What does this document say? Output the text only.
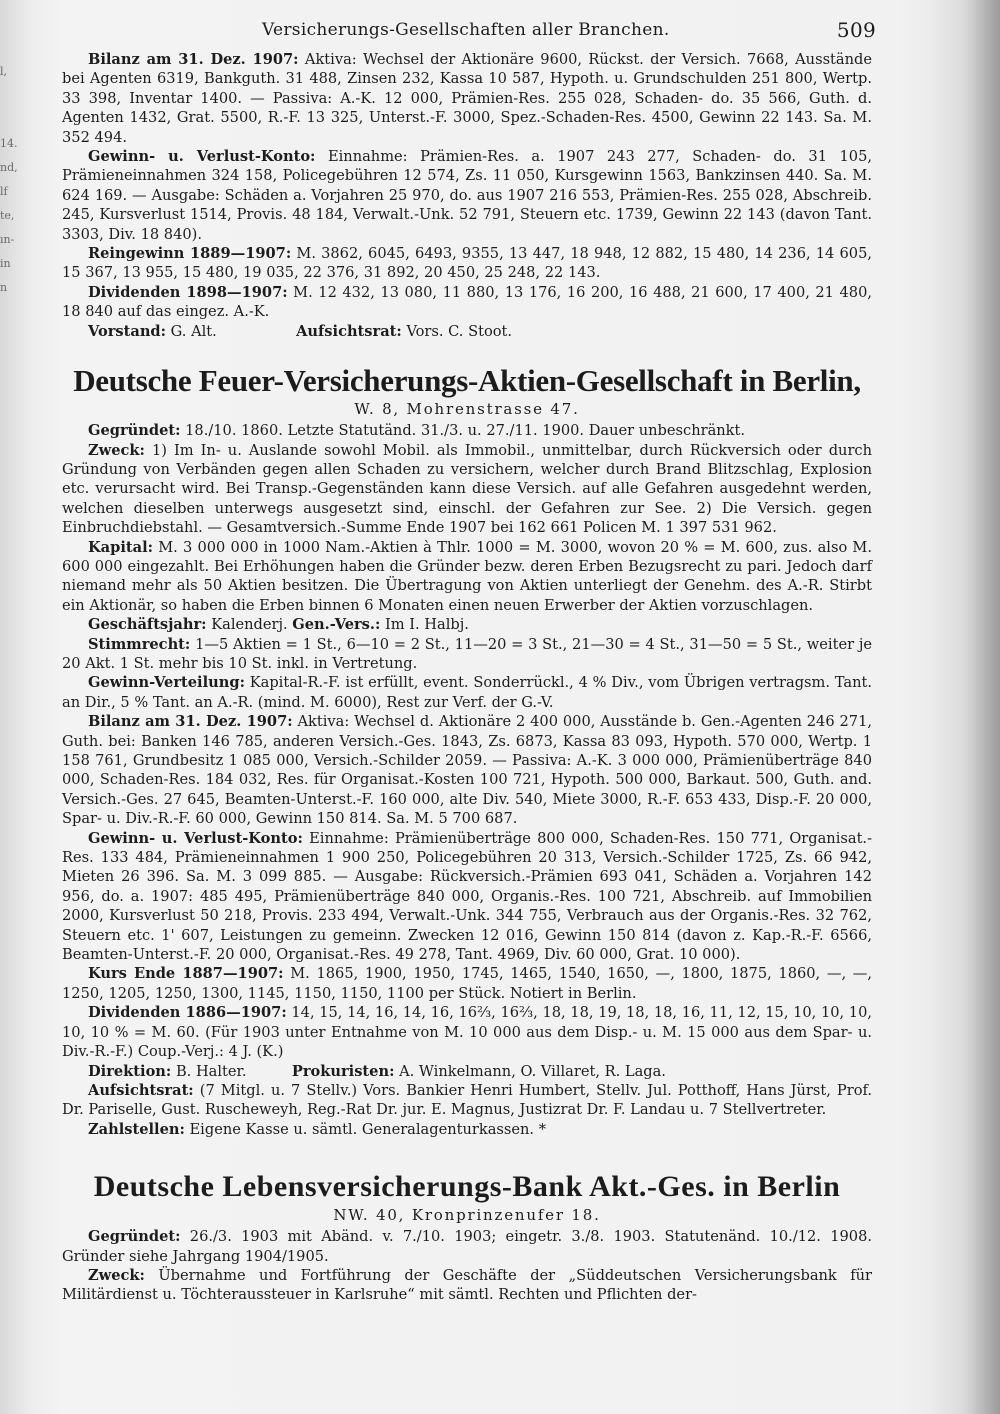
l,
14.
nd,
lf
te,
ın-
in
n
Versicherungs-Gesellschaften aller Branchen.	509

Bilanz am 31. Dez. 1907: Aktiva: Wechsel der Aktionäre 9600, Rückst. der Versich. 7668, Ausstände bei Agenten 6319, Bankguth. 31 488, Zinsen 232, Kassa 10 587, Hypoth. u. Grundschulden 251 800, Wertp. 33 398, Inventar 1400. — Passiva: A.-K. 12 000, Prämien-Res. 255 028, Schaden- do. 35 566, Guth. d. Agenten 1432, Grat. 5500, R.-F. 13 325, Unterst.-F. 3000, Spez.-Schaden-Res. 4500, Gewinn 22 143. Sa. M. 352 494.

Gewinn- u. Verlust-Konto: Einnahme: Prämien-Res. a. 1907 243 277, Schaden- do. 31 105, Prämieneinnahmen 324 158, Policegebühren 12 574, Zs. 11 050, Kursgewinn 1563, Bankzinsen 440. Sa. M. 624 169. — Ausgabe: Schäden a. Vorjahren 25 970, do. aus 1907 216 553, Prämien-Res. 255 028, Abschreib. 245, Kursverlust 1514, Provis. 48 184, Verwalt.-Unk. 52 791, Steuern etc. 1739, Gewinn 22 143 (davon Tant. 3303, Div. 18 840).

Reingewinn 1889—1907: M. 3862, 6045, 6493, 9355, 13 447, 18 948, 12 882, 15 480, 14 236, 14 605, 15 367, 13 955, 15 480, 19 035, 22 376, 31 892, 20 450, 25 248, 22 143.

Dividenden 1898—1907: M. 12 432, 13 080, 11 880, 13 176, 16 200, 16 488, 21 600, 17 400, 21 480, 18 840 auf das eingez. A.-K.

Vorstand: G. Alt.	Aufsichtsrat: Vors. C. Stoot.

Deutsche Feuer-Versicherungs-Aktien-Gesellschaft in Berlin,
W. 8, Mohrenstrasse 47.

Gegründet: 18./10. 1860. Letzte Statutänd. 31./3. u. 27./11. 1900. Dauer unbeschränkt.

Zweck: 1) Im In- u. Auslande sowohl Mobil. als Immobil., unmittelbar, durch Rückversich oder durch Gründung von Verbänden gegen allen Schaden zu versichern, welcher durch Brand Blitzschlag, Explosion etc. verursacht wird. Bei Transp.-Gegenständen kann diese Versich. auf alle Gefahren ausgedehnt werden, welchen dieselben unterwegs ausgesetzt sind, einschl. der Gefahren zur See. 2) Die Versich. gegen Einbruchdiebstahl. — Gesamtversich.-Summe Ende 1907 bei 162 661 Policen M. 1 397 531 962.

Kapital: M. 3 000 000 in 1000 Nam.-Aktien à Thlr. 1000 = M. 3000, wovon 20 % = M. 600, zus. also M. 600 000 eingezahlt. Bei Erhöhungen haben die Gründer bezw. deren Erben Bezugsrecht zu pari. Jedoch darf niemand mehr als 50 Aktien besitzen. Die Übertragung von Aktien unterliegt der Genehm. des A.-R. Stirbt ein Aktionär, so haben die Erben binnen 6 Monaten einen neuen Erwerber der Aktien vorzuschlagen.

Geschäftsjahr: Kalenderj. Gen.-Vers.: Im I. Halbj.

Stimmrecht: 1—5 Aktien = 1 St., 6—10 = 2 St., 11—20 = 3 St., 21—30 = 4 St., 31—50 = 5 St., weiter je 20 Akt. 1 St. mehr bis 10 St. inkl. in Vertretung.

Gewinn-Verteilung: Kapital-R.-F. ist erfüllt, event. Sonderrückl., 4 % Div., vom Übrigen vertragsm. Tant. an Dir., 5 % Tant. an A.-R. (mind. M. 6000), Rest zur Verf. der G.-V.

Bilanz am 31. Dez. 1907: Aktiva: Wechsel d. Aktionäre 2 400 000, Ausstände b. Gen.-Agenten 246 271, Guth. bei: Banken 146 785, anderen Versich.-Ges. 1843, Zs. 6873, Kassa 83 093, Hypoth. 570 000, Wertp. 1 158 761, Grundbesitz 1 085 000, Versich.-Schilder 2059. — Passiva: A.-K. 3 000 000, Prämienüberträge 840 000, Schaden-Res. 184 032, Res. für Organisat.-Kosten 100 721, Hypoth. 500 000, Barkaut. 500, Guth. and. Versich.-Ges. 27 645, Beamten-Unterst.-F. 160 000, alte Div. 540, Miete 3000, R.-F. 653 433, Disp.-F. 20 000, Spar- u. Div.-R.-F. 60 000, Gewinn 150 814. Sa. M. 5 700 687.

Gewinn- u. Verlust-Konto: Einnahme: Prämienüberträge 800 000, Schaden-Res. 150 771, Organisat.-Res. 133 484, Prämieneinnahmen 1 900 250, Policegebühren 20 313, Versich.-Schilder 1725, Zs. 66 942, Mieten 26 396. Sa. M. 3 099 885. — Ausgabe: Rückversich.-Prämien 693 041, Schäden a. Vorjahren 142 956, do. a. 1907: 485 495, Prämienüberträge 840 000, Organis.-Res. 100 721, Abschreib. auf Immobilien 2000, Kursverlust 50 218, Provis. 233 494, Verwalt.-Unk. 344 755, Verbrauch aus der Organis.-Res. 32 762, Steuern etc. 1' 607, Leistungen zu gemeinn. Zwecken 12 016, Gewinn 150 814 (davon z. Kap.-R.-F. 6566, Beamten-Unterst.-F. 20 000, Organisat.-Res. 49 278, Tant. 4969, Div. 60 000, Grat. 10 000).

Kurs Ende 1887—1907: M. 1865, 1900, 1950, 1745, 1465, 1540, 1650, —, 1800, 1875, 1860, —, —, 1250, 1205, 1250, 1300, 1145, 1150, 1150, 1100 per Stück. Notiert in Berlin.

Dividenden 1886—1907: 14, 15, 14, 16, 14, 16, 16⅔, 16⅔, 18, 18, 19, 18, 18, 16, 11, 12, 15, 10, 10, 10, 10, 10 % = M. 60. (Für 1903 unter Entnahme von M. 10 000 aus dem Disp.- u. M. 15 000 aus dem Spar- u. Div.-R.-F.) Coup.-Verj.: 4 J. (K.)

Direktion: B. Halter.	Prokuristen: A. Winkelmann, O. Villaret, R. Laga.

Aufsichtsrat: (7 Mitgl. u. 7 Stellv.) Vors. Bankier Henri Humbert, Stellv. Jul. Potthoff, Hans Jürst, Prof. Dr. Pariselle, Gust. Ruscheweyh, Reg.-Rat Dr. jur. E. Magnus, Justizrat Dr. F. Landau u. 7 Stellvertreter.

Zahlstellen: Eigene Kasse u. sämtl. Generalagenturkassen. *

Deutsche Lebensversicherungs-Bank Akt.-Ges. in Berlin
NW. 40, Kronprinzenufer 18.

Gegründet: 26./3. 1903 mit Abänd. v. 7./10. 1903; eingetr. 3./8. 1903. Statutenänd. 10./12. 1908. Gründer siehe Jahrgang 1904/1905.

Zweck: Übernahme und Fortführung der Geschäfte der „Süddeutschen Versicherungsbank für Militärdienst u. Töchteraussteuer in Karlsruhe“ mit sämtl. Rechten und Pflichten der-
